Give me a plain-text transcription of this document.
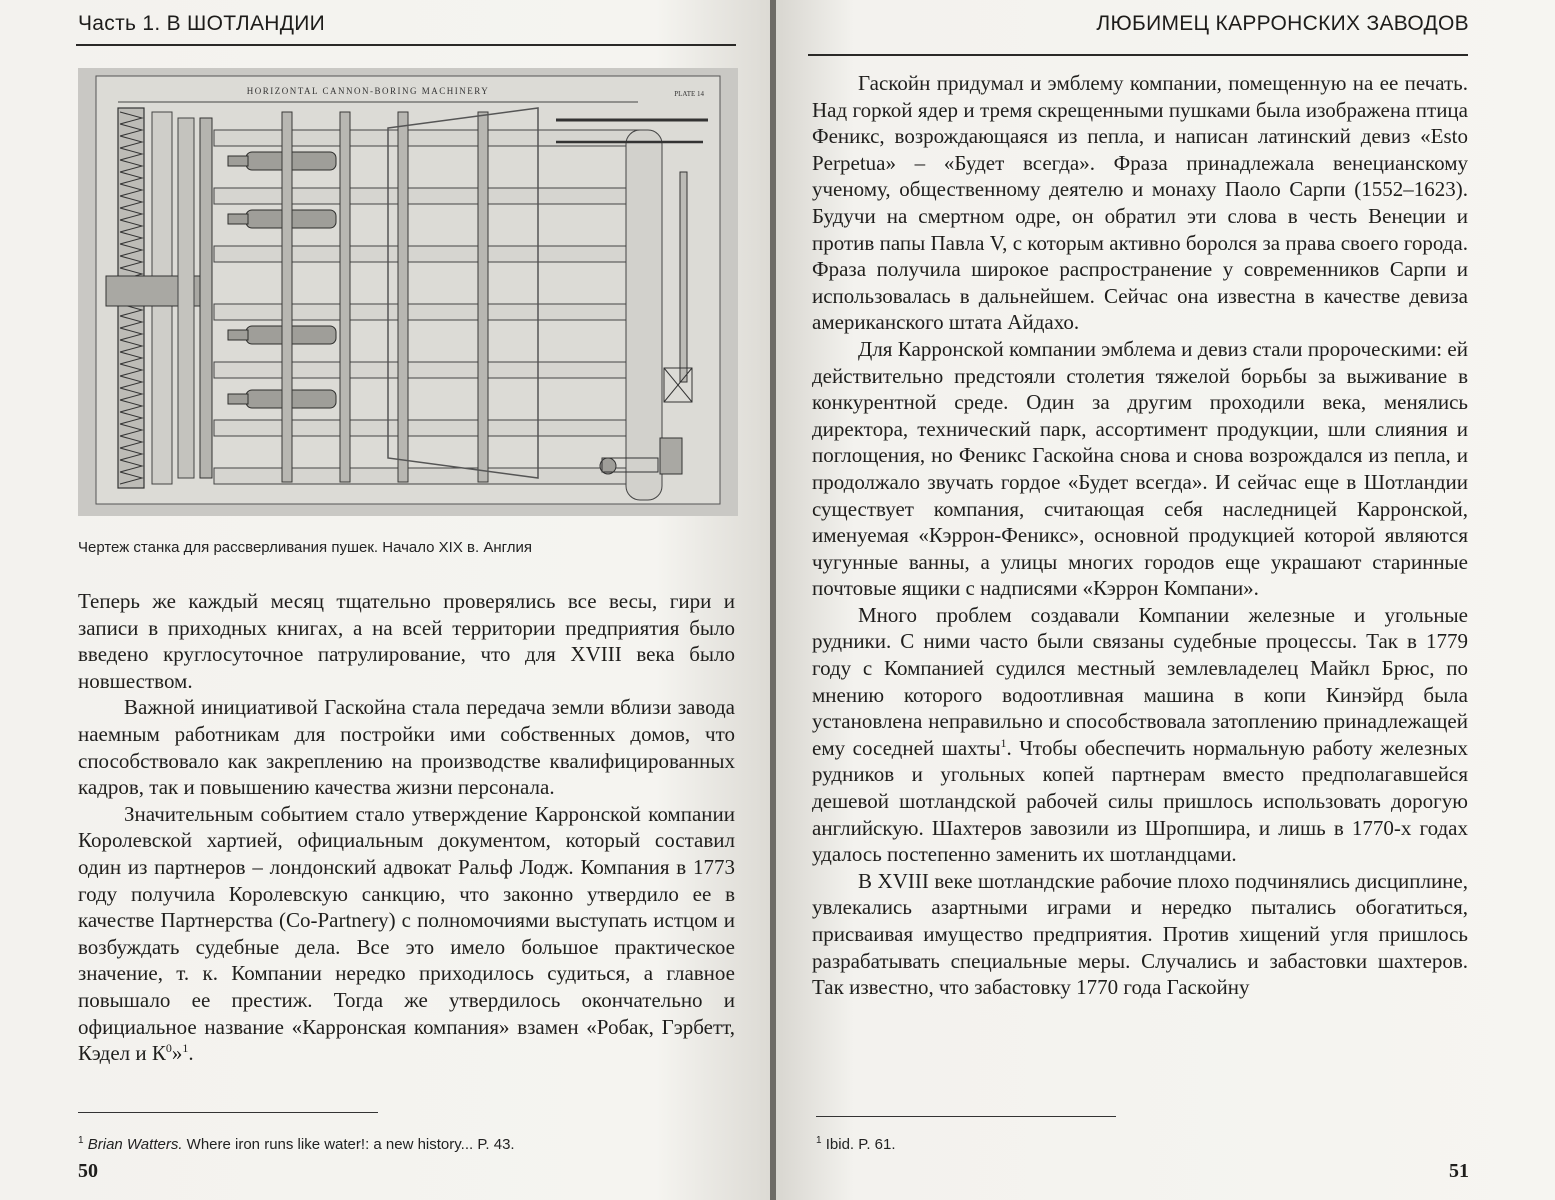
Часть 1. В ШОТЛАНДИИ
HORIZONTAL CANNON-BORING MACHINERY	PLATE 14
Чертеж станка для рассверливания пушек. Начало XIX в. Англия

Теперь же каждый месяц тщательно проверялись все весы, гири и записи в приходных книгах, а на всей территории предприятия было введено круглосуточное патрулирование, что для XVIII века было новшеством.

Важной инициативой Гаскойна стала передача земли вблизи завода наемным работникам для постройки ими собственных домов, что способствовало как закреплению на производстве квалифицированных кадров, так и повышению качества жизни персонала.

Значительным событием стало утверждение Карронской компании Королевской хартией, официальным документом, который составил один из партнеров – лондонский адвокат Ральф Лодж. Компания в 1773 году получила Королевскую санкцию, что законно утвердило ее в качестве Партнерства (Co-Partnery) с полномочиями выступать истцом и возбуждать судебные дела. Все это имело большое практическое значение, т. к. Компании нередко приходилось судиться, а главное повышало ее престиж. Тогда же утвердилось окончательно и официальное название «Карронская компания» взамен «Робак, Гэрбетт, Кэдел и $К^0»^1$.

$^1$ Brian Watters. Where iron runs like water!: a new history... P. 43.
50
ЛЮБИМЕЦ КАРРОНСКИХ ЗАВОДОВ

Гаскойн придумал и эмблему компании, помещенную на ее печать. Над горкой ядер и тремя скрещенными пушками была изображена птица Феникс, возрождающаяся из пепла, и написан латинский девиз «Esto Perpetua» – «Будет всегда». Фраза принадлежала венецианскому ученому, общественному деятелю и монаху Паоло Сарпи (1552–1623). Будучи на смертном одре, он обратил эти слова в честь Венеции и против папы Павла V, с которым активно боролся за права своего города. Фраза получила широкое распространение у современников Сарпи и использовалась в дальнейшем. Сейчас она известна в качестве девиза американского штата Айдахо.

Для Карронской компании эмблема и девиз стали пророческими: ей действительно предстояли столетия тяжелой борьбы за выживание в конкурентной среде. Один за другим проходили века, менялись директора, технический парк, ассортимент продукции, шли слияния и поглощения, но Феникс Гаскойна снова и снова возрождался из пепла, и продолжало звучать гордое «Будет всегда». И сейчас еще в Шотландии существует компания, считающая себя наследницей Карронской, именуемая «Кэррон-Феникс», основной продукцией которой являются чугунные ванны, а улицы многих городов еще украшают старинные почтовые ящики с надписями «Кэррон Компани».

Много проблем создавали Компании железные и угольные рудники. С ними часто были связаны судебные процессы. Так в 1779 году с Компанией судился местный землевладелец Майкл Брюс, по мнению которого водоотливная машина в копи Кинэйрд была установлена неправильно и способствовала затоплению принадлежащей ему соседней шахты$^1$. Чтобы обеспечить нормальную работу железных рудников и угольных копей партнерам вместо предполагавшейся дешевой шотландской рабочей силы пришлось использовать дорогую английскую. Шахтеров завозили из Шропшира, и лишь в 1770-х годах удалось постепенно заменить их шотландцами.

В XVIII веке шотландские рабочие плохо подчинялись дисциплине, увлекались азартными играми и нередко пытались обогатиться, присваивая имущество предприятия. Против хищений угля пришлось разрабатывать специальные меры. Случались и забастовки шахтеров. Так известно, что забастовку 1770 года Гаскойну

$^1$ Ibid. P. 61.
51
